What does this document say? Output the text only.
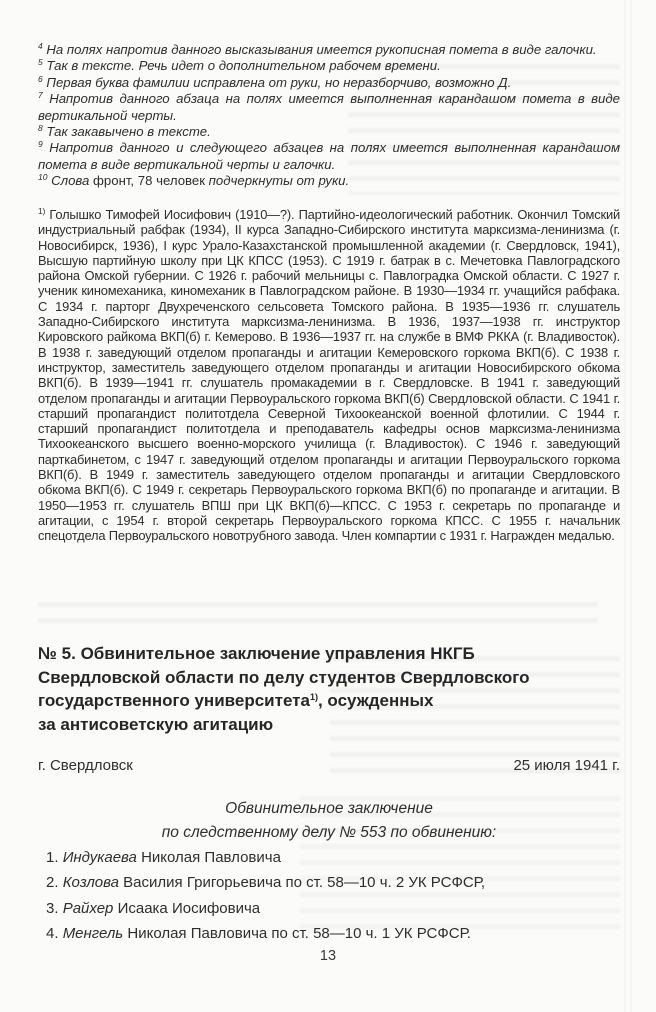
$^4$ На полях напротив данного высказывания имеется рукописная помета в виде галочки.

$^5$ Так в тексте. Речь идет о дополнительном рабочем времени.

$^6$ Первая буква фамилии исправлена от руки, но неразборчиво, возможно Д.

$^7$ Напротив данного абзаца на полях имеется выполненная карандашом помета в виде вертикальной черты.

$^8$ Так закавычено в тексте.

$^9$ Напротив данного и следующего абзацев на полях имеется выполненная карандашом помета в виде вертикальной черты и галочки.

$^{10}$ Слова фронт, 78 человек подчеркнуты от руки.

$^{1)}$ Голышко Тимофей Иосифович (1910—?). Партийно-идеологический работник. Окончил Томский индустриальный рабфак (1934), II курса Западно-Сибирского института марксизма-ленинизма (г. Новосибирск, 1936), I курс Урало-Казахстанской промышленной академии (г. Свердловск, 1941), Высшую партийную школу при ЦК КПСС (1953). С 1919 г. батрак в с. Мечетовка Павлоградского района Омской губернии. С 1926 г. рабочий мельницы с. Павлоградка Омской области. С 1927 г. ученик киномеханика, киномеханик в Павлоградском районе. В 1930—1934 гг. учащийся рабфака. С 1934 г. парторг Двухреченского сельсовета Томского района. В 1935—1936 гг. слушатель Западно-Сибирского института марксизма-ленинизма. В 1936, 1937—1938 гг. инструктор Кировского райкома ВКП(б) г. Кемерово. В 1936—1937 гг. на службе в ВМФ РККА (г. Владивосток). В 1938 г. заведующий отделом пропаганды и агитации Кемеровского горкома ВКП(б). С 1938 г. инструктор, заместитель заведующего отделом пропаганды и агитации Новосибирского обкома ВКП(б). В 1939—1941 гг. слушатель промакадемии в г. Свердловске. В 1941 г. заведующий отделом пропаганды и агитации Первоуральского горкома ВКП(б) Свердловской области. С 1941 г. старший пропагандист политотдела Северной Тихоокеанской военной флотилии. С 1944 г. старший пропагандист политотдела и преподаватель кафедры основ марксизма-ленинизма Тихоокеанского высшего военно-морского училища (г. Владивосток). С 1946 г. заведующий парткабинетом, с 1947 г. заведующий отделом пропаганды и агитации Первоуральского горкома ВКП(б). В 1949 г. заместитель заведующего отделом пропаганды и агитации Свердловского обкома ВКП(б). С 1949 г. секретарь Первоуральского горкома ВКП(б) по пропаганде и агитации. В 1950—1953 гг. слушатель ВПШ при ЦК ВКП(б)—КПСС. С 1953 г. секретарь по пропаганде и агитации, с 1954 г. второй секретарь Первоуральского горкома КПСС. С 1955 г. начальник спецотдела Первоуральского новотрубного завода. Член компартии с 1931 г. Награжден медалью.

№ 5. Обвинительное заключение управления НКГБ
Свердловской области по делу студентов Свердловского
государственного университета$^{1)}$, осужденных
за антисоветскую агитацию
г. Свердловск	25 июля 1941 г.
Обвинительное заключение
по следственному делу № 553 по обвинению:
1. Индукаева Николая Павловича
2. Козлова Василия Григорьевича по ст. 58—10 ч. 2 УК РСФСР,
3. Райхер Исаака Иосифовича
4. Менгель Николая Павловича по ст. 58—10 ч. 1 УК РСФСР.
13
